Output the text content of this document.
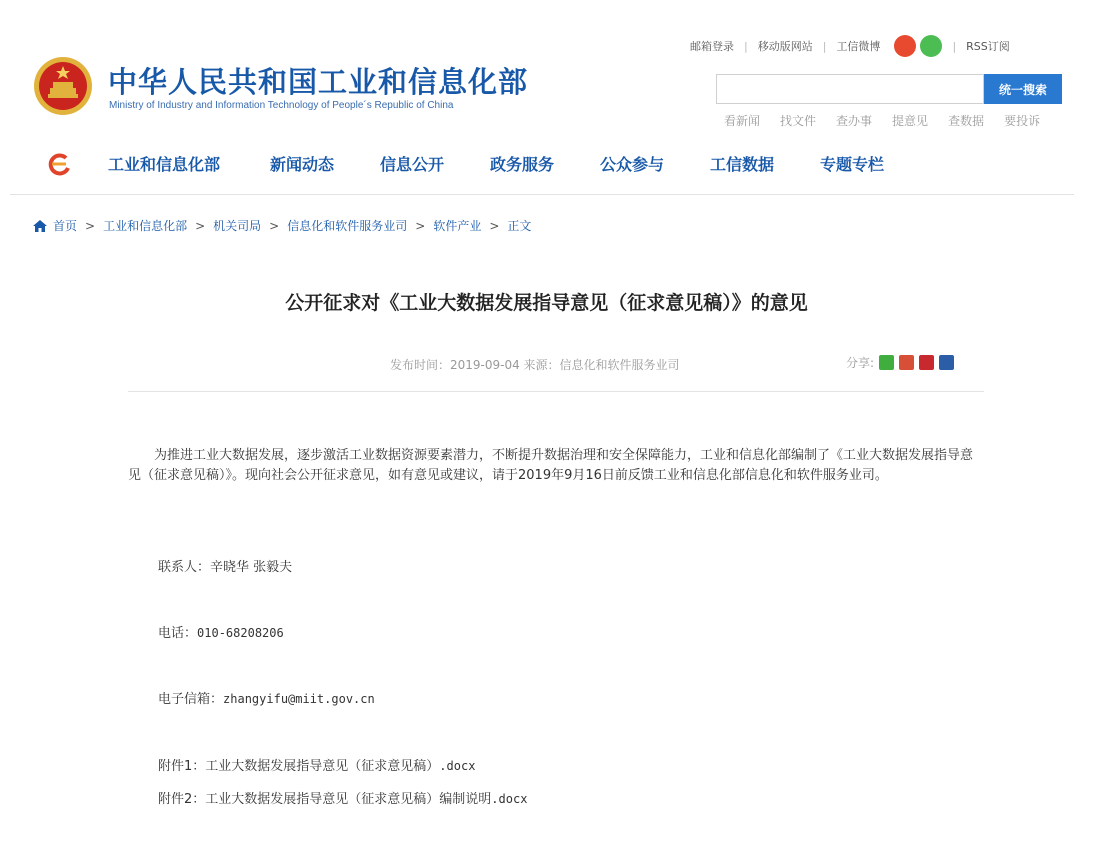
中华人民共和国工业和信息化部
Ministry of Industry and Information Technology of People´s Republic of China
邮箱登录 | 移动版网站 | 工信微博	| RSS订阅
统一搜索
看新闻 找文件 查办事 提意见 查数据 要投诉
工业和信息化部	新闻动态	信息公开	政务服务	公众参与	工信数据	专题专栏
首页 > 工业和信息化部 > 机关司局 > 信息化和软件服务业司 > 软件产业 > 正文
公开征求对《工业大数据发展指导意见（征求意见稿）》的意见
发布时间：2019-09-04 来源：信息化和软件服务业司	分享:
为推进工业大数据发展，逐步激活工业数据资源要素潜力，不断提升数据治理和安全保障能力，工业和信息化部编制了《工业大数据发展指导意见（征求意见稿）》。现向社会公开征求意见，如有意见或建议，请于2019年9月16日前反馈工业和信息化部信息化和软件服务业司。
联系人：辛晓华 张毅夫
电话：010-68208206
电子信箱：zhangyifu@miit.gov.cn
附件1：工业大数据发展指导意见（征求意见稿）.docx
附件2：工业大数据发展指导意见（征求意见稿）编制说明.docx
